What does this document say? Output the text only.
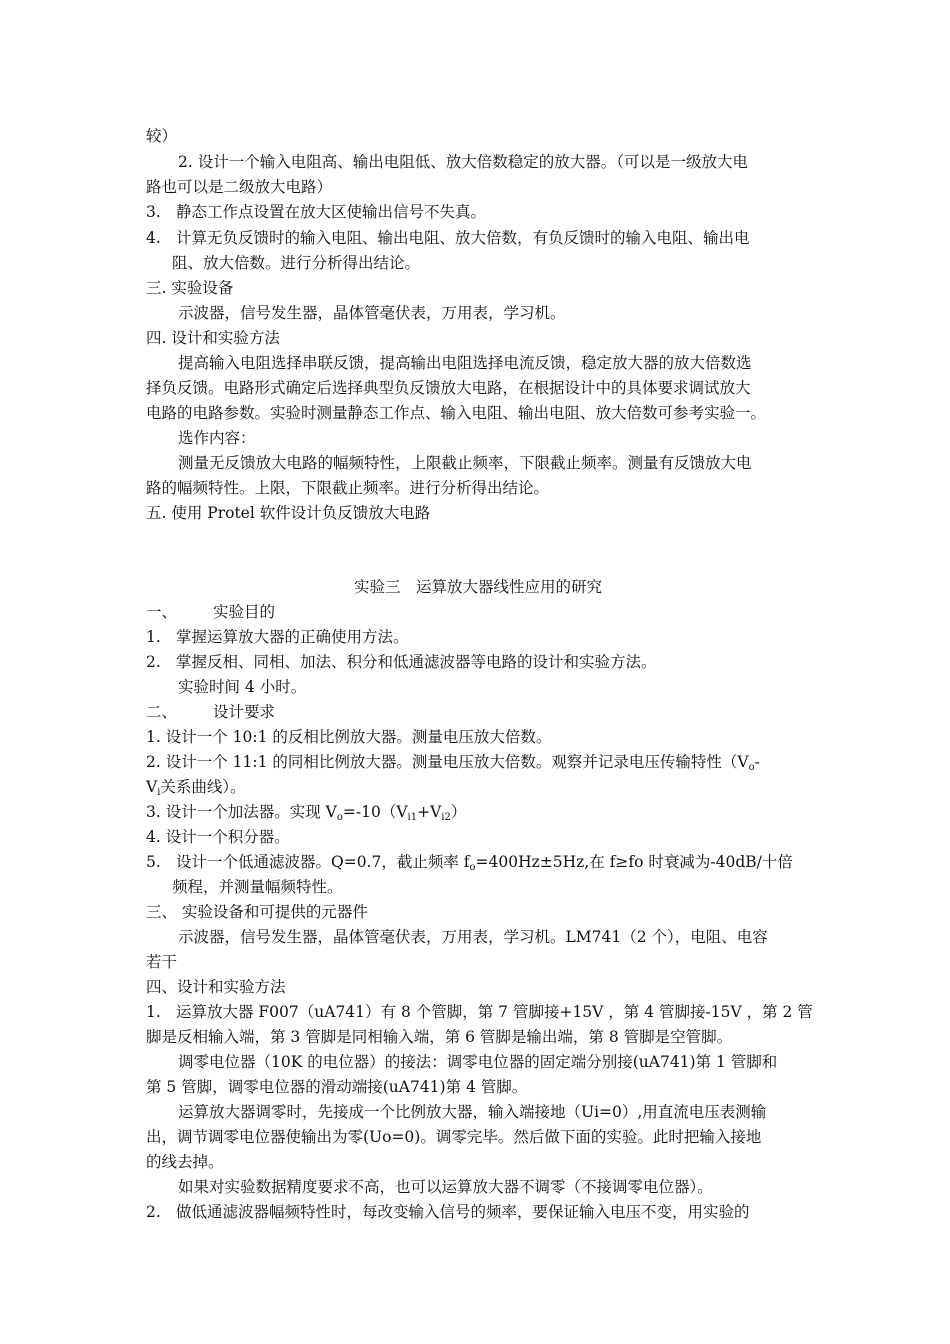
较）
2. 设计一个输入电阻高、输出电阻低、放大倍数稳定的放大器。（可以是一级放大电
路也可以是二级放大电路）
3. 静态工作点设置在放大区使输出信号不失真。
4. 计算无负反馈时的输入电阻、输出电阻、放大倍数，有负反馈时的输入电阻、输出电
阻、放大倍数。进行分析得出结论。
三. 实验设备
示波器，信号发生器，晶体管毫伏表，万用表，学习机。
四. 设计和实验方法
提高输入电阻选择串联反馈，提高输出电阻选择电流反馈，稳定放大器的放大倍数选
择负反馈。电路形式确定后选择典型负反馈放大电路，在根据设计中的具体要求调试放大
电路的电路参数。实验时测量静态工作点、输入电阻、输出电阻、放大倍数可参考实验一。
选作内容：
测量无反馈放大电路的幅频特性，上限截止频率，下限截止频率。测量有反馈放大电
路的幅频特性。上限，下限截止频率。进行分析得出结论。
五. 使用 Protel 软件设计负反馈放大电路
实验三　运算放大器线性应用的研究
一、 实验目的
1. 掌握运算放大器的正确使用方法。
2. 掌握反相、同相、加法、积分和低通滤波器等电路的设计和实验方法。
实验时间 4 小时。
二、 设计要求
1. 设计一个 10:1 的反相比例放大器。测量电压放大倍数。
2. 设计一个 11:1 的同相比例放大器。测量电压放大倍数。观察并记录电压传输特性（$V_o-$
$V_i$关系曲线）。
3. 设计一个加法器。实现 $V_o=-10(V_{i1}+V_{i2})$
4. 设计一个积分器。
5. 设计一个低通滤波器。Q=0.7，截止频率 $f_o=400Hz\pm 5Hz$,在 f≥fo 时衰减为-40dB/十倍
频程，并测量幅频特性。
三、 实验设备和可提供的元器件
示波器，信号发生器，晶体管毫伏表，万用表，学习机。LM741（2 个），电阻、电容
若干
四、设计和实验方法
1. 运算放大器 F007（uA741）有 8 个管脚，第 7 管脚接+15V ，第 4 管脚接-15V ，第 2 管
脚是反相输入端，第 3 管脚是同相输入端，第 6 管脚是输出端，第 8 管脚是空管脚。
调零电位器（10K 的电位器）的接法：调零电位器的固定端分别接(uA741)第 1 管脚和
第 5 管脚，调零电位器的滑动端接(uA741)第 4 管脚。
运算放大器调零时，先接成一个比例放大器，输入端接地（Ui=0）,用直流电压表测输
出，调节调零电位器使输出为零(Uo=0)。调零完毕。然后做下面的实验。此时把输入接地
的线去掉。
如果对实验数据精度要求不高，也可以运算放大器不调零（不接调零电位器）。
2. 做低通滤波器幅频特性时，每改变输入信号的频率，要保证输入电压不变，用实验的
